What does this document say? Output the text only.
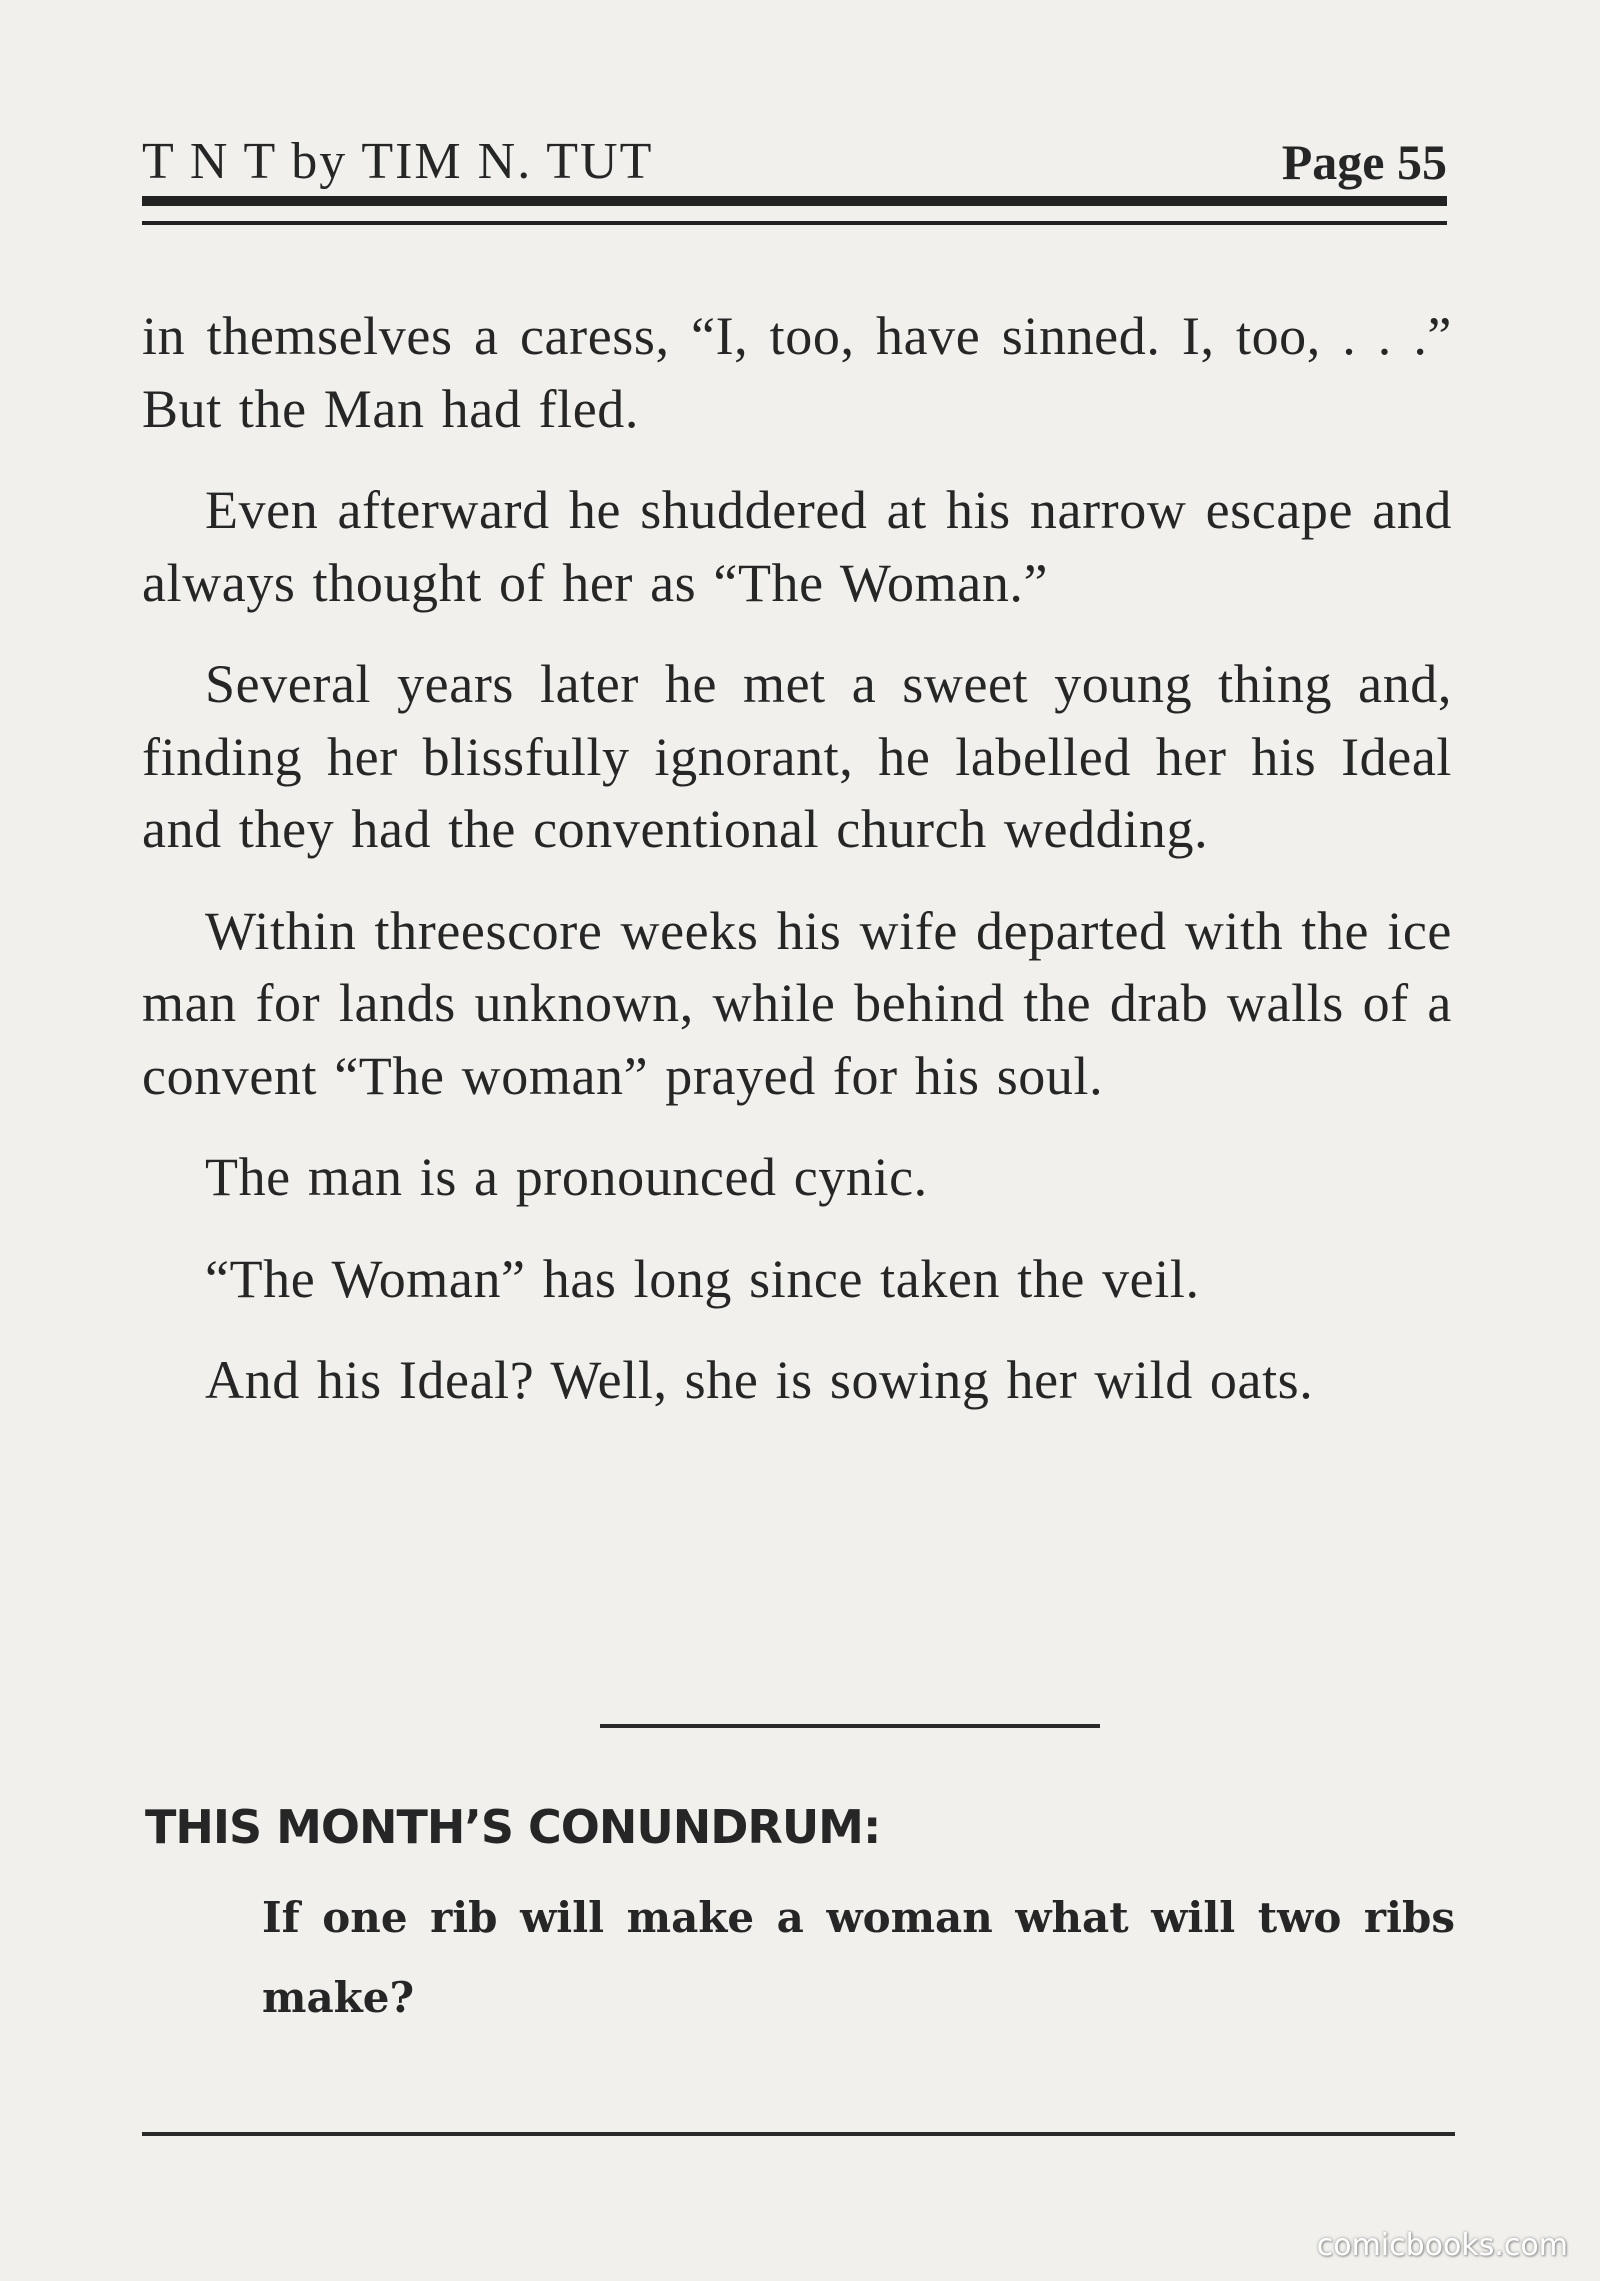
T N T by TIM N. TUT	Page 55

in themselves a caress, “I, too, have sinned. I, too, . . .” But the Man had fled.

Even afterward he shuddered at his narrow escape and always thought of her as “The Woman.”

Several years later he met a sweet young thing and, finding her blissfully ignorant, he labelled her his Ideal and they had the conventional church wedding.

Within threescore weeks his wife departed with the ice man for lands unknown, while behind the drab walls of a convent “The woman” prayed for his soul.

The man is a pronounced cynic.

“The Woman” has long since taken the veil.

And his Ideal? Well, she is sowing her wild oats.

THIS MONTH’S CONUNDRUM:
If one rib will make a woman what will two ribs make?
comicbooks.com
